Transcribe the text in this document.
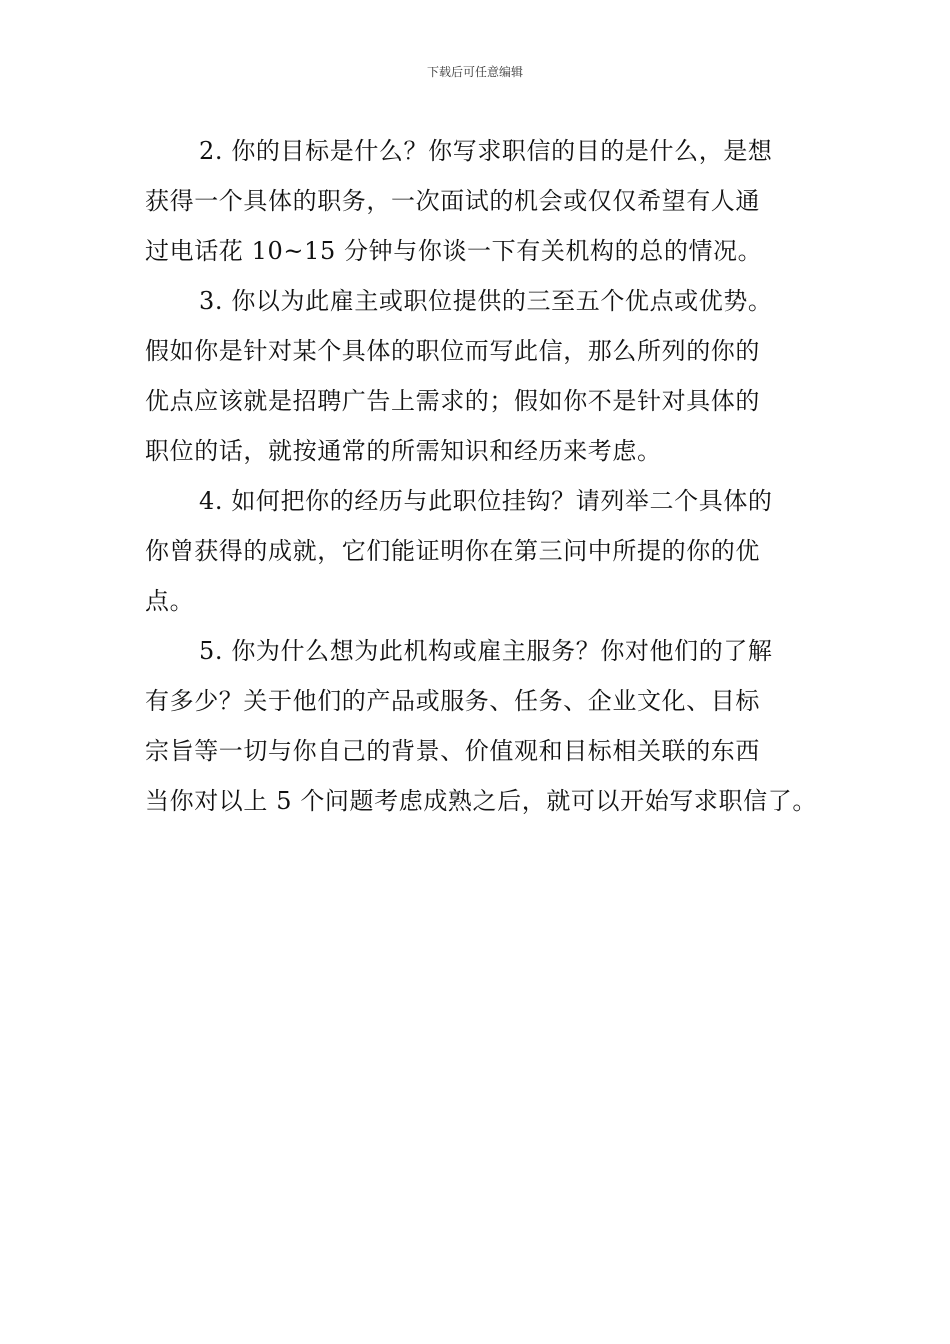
下载后可任意编辑
2. 你的目标是什么？你写求职信的目的是什么，是想
获得一个具体的职务，一次面试的机会或仅仅希望有人通
过电话花 10~15 分钟与你谈一下有关机构的总的情况。
3. 你以为此雇主或职位提供的三至五个优点或优势。
假如你是针对某个具体的职位而写此信，那么所列的你的
优点应该就是招聘广告上需求的；假如你不是针对具体的
职位的话，就按通常的所需知识和经历来考虑。
4. 如何把你的经历与此职位挂钩？请列举二个具体的
你曾获得的成就，它们能证明你在第三问中所提的你的优
点。
5. 你为什么想为此机构或雇主服务？你对他们的了解
有多少？关于他们的产品或服务、任务、企业文化、目标
宗旨等一切与你自己的背景、价值观和目标相关联的东西
当你对以上 5 个问题考虑成熟之后，就可以开始写求职信了。
